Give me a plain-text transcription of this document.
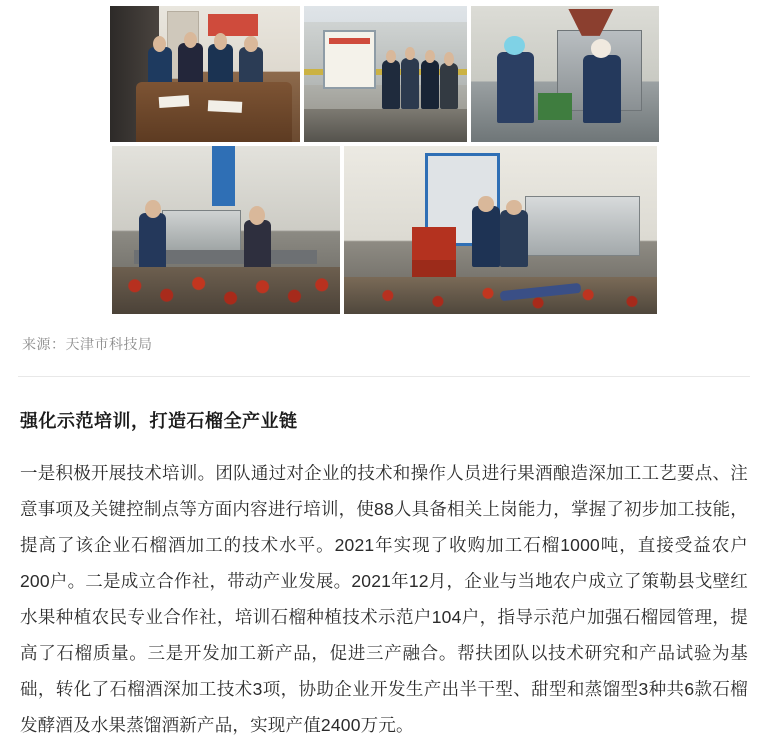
来源：天津市科技局
强化示范培训，打造石榴全产业链

一是积极开展技术培训。团队通过对企业的技术和操作人员进行果酒酿造深加工工艺要点、注意事项及关键控制点等方面内容进行培训，使88人具备相关上岗能力，掌握了初步加工技能，提高了该企业石榴酒加工的技术水平。2021年实现了收购加工石榴1000吨，直接受益农户200户。二是成立合作社，带动产业发展。2021年12月，企业与当地农户成立了策勒县戈壁红水果种植农民专业合作社，培训石榴种植技术示范户104户，指导示范户加强石榴园管理，提高了石榴质量。三是开发加工新产品，促进三产融合。帮扶团队以技术研究和产品试验为基础，转化了石榴酒深加工技术3项，协助企业开发生产出半干型、甜型和蒸馏型3种共6款石榴发酵酒及水果蒸馏酒新产品，实现产值2400万元。
